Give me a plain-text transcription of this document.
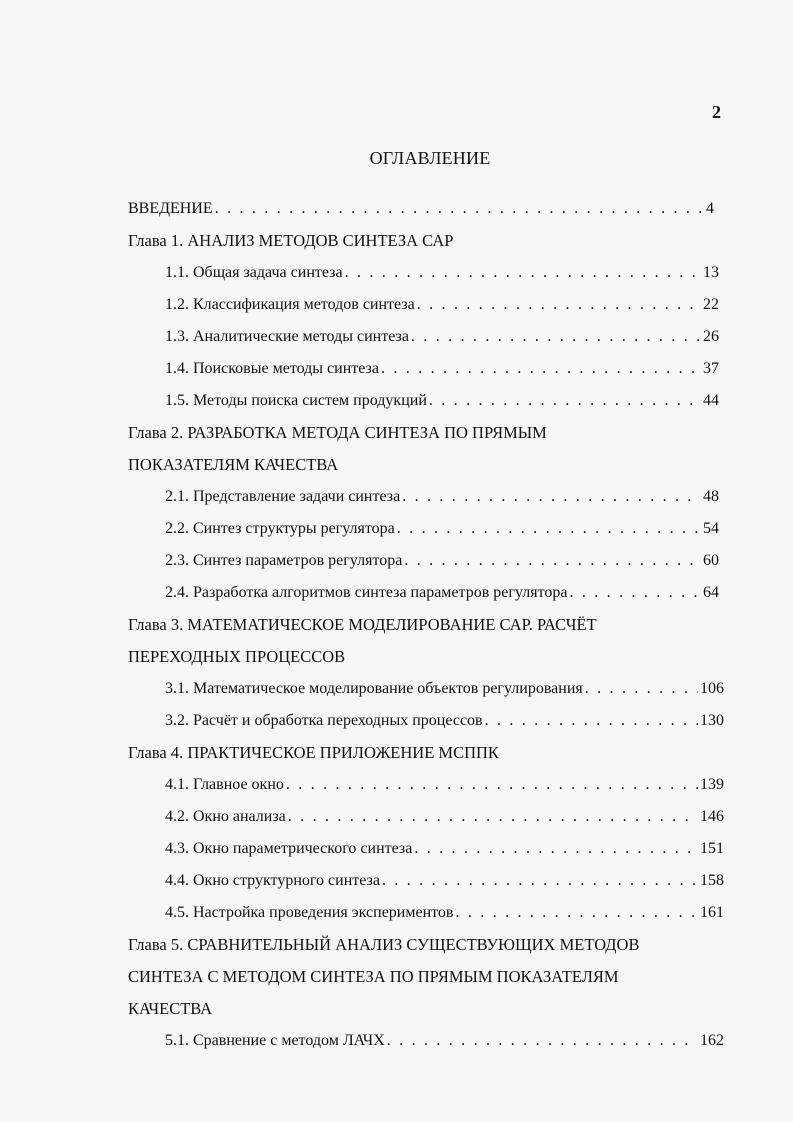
2
ОГЛАВЛЕНИЕ
ВВЕДЕНИЕ . . .	4
Глава 1. АНАЛИЗ МЕТОДОВ СИНТЕЗА САР
1.1. Общая задача синтеза . . .	13
1.2. Классификация методов синтеза . . .	22
1.3. Аналитические методы синтеза . . .	26
1.4. Поисковые методы синтеза . . .	37
1.5. Методы поиска систем продукций . . .	44
Глава 2. РАЗРАБОТКА МЕТОДА СИНТЕЗА ПО ПРЯМЫМ
ПОКАЗАТЕЛЯМ КАЧЕСТВА
2.1. Представление задачи синтеза . . .	48
2.2. Синтез структуры регулятора . . .	54
2.3. Синтез параметров регулятора . . .	60
2.4. Разработка алгоритмов синтеза параметров регулятора . . .	64
Глава 3. МАТЕМАТИЧЕСКОЕ МОДЕЛИРОВАНИЕ САР. РАСЧЁТ
ПЕРЕХОДНЫХ ПРОЦЕССОВ
3.1. Математическое моделирование объектов регулирования . . .	106
3.2. Расчёт и обработка переходных процессов . . .	130
Глава 4. ПРАКТИЧЕСКОЕ ПРИЛОЖЕНИЕ МСППК
4.1. Главное окно . . .	139
4.2. Окно анализа . . .	146
4.3. Окно параметрического синтеза . . .	151
4.4. Окно структурного синтеза . . .	158
4.5. Настройка проведения экспериментов . . .	161
Глава 5. СРАВНИТЕЛЬНЫЙ АНАЛИЗ СУЩЕСТВУЮЩИХ МЕТОДОВ
СИНТЕЗА С МЕТОДОМ СИНТЕЗА ПО ПРЯМЫМ ПОКАЗАТЕЛЯМ
КАЧЕСТВА
5.1. Сравнение с методом ЛАЧХ . . .	162
